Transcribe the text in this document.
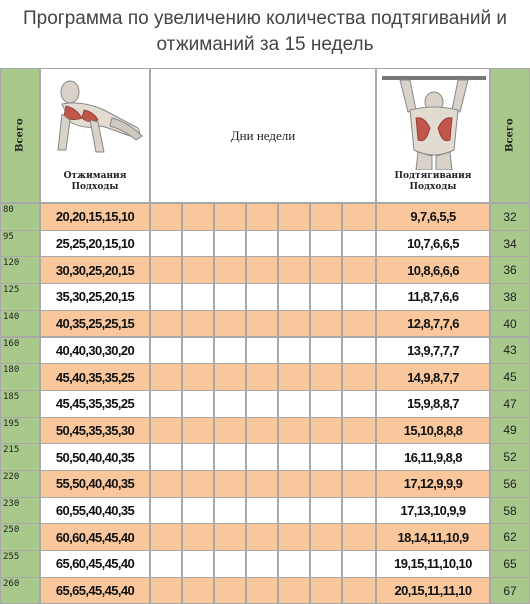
Программа по увеличению количества подтягиваний и
отжиманий за 15 недель
Всего
Отжимания
Подходы
Дни недели
Подтягивания
Подходы
Всего
80	20,20,15,15,10	9,7,6,5,5	32
95	25,25,20,15,10	10,7,6,6,5	34
120	30,30,25,20,15	10,8,6,6,6	36
125	35,30,25,20,15	11,8,7,6,6	38
140	40,35,25,25,15	12,8,7,7,6	40
160	40,40,30,30,20	13,9,7,7,7	43
180	45,40,35,35,25	14,9,8,7,7	45
185	45,45,35,35,25	15,9,8,8,7	47
195	50,45,35,35,30	15,10,8,8,8	49
215	50,50,40,40,35	16,11,9,8,8	52
220	55,50,40,40,35	17,12,9,9,9	56
230	60,55,40,40,35	17,13,10,9,9	58
250	60,60,45,45,40	18,14,11,10,9	62
255	65,60,45,45,40	19,15,11,10,10	65
260	65,65,45,45,40	20,15,11,11,10	67
